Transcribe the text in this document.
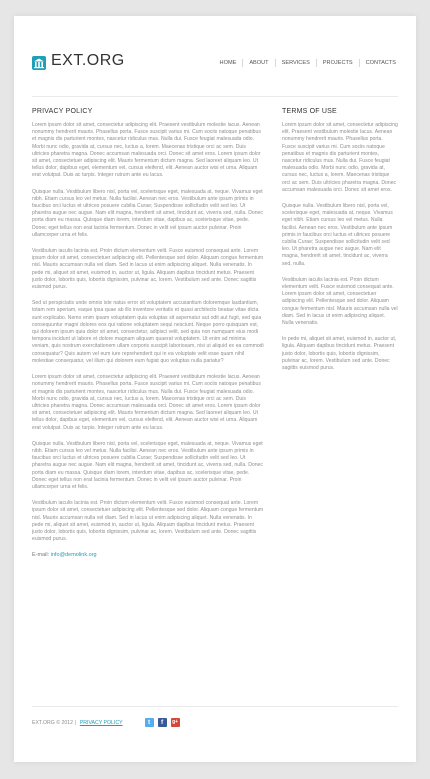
EXT.ORG	HOME	ABOUT	SERVICES	PROJECTS	CONTACTS
PRIVACY POLICY

Lorem ipsum dolor sit amet, consectetur adipiscing elit. Praesent vestibulum molestie lacus. Aenean nonummy hendrerit mauris. Phasellus porta. Fusce suscipit varius mi. Cum sociis natoque penatibus et magnis dis parturient montes, nascetur ridiculus mus. Nulla dui. Fusce feugiat malesuada odio. Morbi nunc odio, gravida at, cursus nec, luctus a, lorem. Maecenas tristique orci ac sem. Duis ultricies pharetra magna. Donec accumsan malesuada orci. Donec sit amet eros. Lorem ipsum dolor sit amet, consectetuer adipiscing elit. Mauris fermentum dictum magna. Sed laoreet aliquam leo. Ut tellus dolor, dapibus eget, elementum vel, cursus eleifend, elit. Aenean auctor wisi et urna. Aliquam erat volutpat. Duis ac turpis. Integer rutrum ante eu lacus.

Quisque nulla. Vestibulum libero nisl, porta vel, scelerisque eget, malesuada at, neque. Vivamus eget nibh. Etiam cursus leo vel metus. Nulla facilisi. Aenean nec eros. Vestibulum ante ipsum primis in faucibus orci luctus et ultrices posuere cubilia Curae; Suspendisse sollicitudin velit sed leo. Ut pharetra augue nec augue. Nam elit magna, hendrerit sit amet, tincidunt ac, viverra sed, nulla. Donec porta diam eu massa. Quisque diam lorem, interdum vitae, dapibus ac, scelerisque vitae, pede. Donec eget tellus non erat lacinia fermentum. Donec in velit vel ipsum auctor pulvinar. Proin ullamcorper urna et felis.

Vestibulum iaculis lacinia est. Proin dictum elementum velit. Fusce euismod consequat ante. Lorem ipsum dolor sit amet, consectetuer adipiscing elit. Pellentesque sed dolor. Aliquam congue fermentum nisl. Mauris accumsan nulla vel diam. Sed in lacus ut enim adipiscing aliquet. Nulla venenatis. In pede mi, aliquet sit amet, euismod in, auctor ut, ligula. Aliquam dapibus tincidunt metus. Praesent justo dolor, lobortis quis, lobortis dignissim, pulvinar ac, lorem. Vestibulum sed ante. Donec sagittis euismod purus.

Sed ut perspiciatis unde omnis iste natus error sit voluptatem accusantium doloremque laudantium, totam rem aperiam, eaque ipsa quae ab illo inventore veritatis et quasi architecto beatae vitae dicta sunt explicabo. Nemo enim ipsam voluptatem quia voluptas sit aspernatur aut odit aut fugit, sed quia consequuntur magni dolores eos qui ratione voluptatem sequi nesciunt. Neque porro quisquam est, qui dolorem ipsum quia dolor sit amet, consectetur, adipisci velit, sed quia non numquam eius modi tempora incidunt ut labore et dolore magnam aliquam quaerat voluptatem. Ut enim ad minima veniam, quis nostrum exercitationem ullam corporis suscipit laboriosam, nisi ut aliquid ex ea commodi consequatur? Quis autem vel eum iure reprehenderit qui in ea voluptate velit esse quam nihil molestiae consequatur, vel illum qui dolorem eum fugiat quo voluptas nulla pariatur?

Lorem ipsum dolor sit amet, consectetur adipiscing elit. Praesent vestibulum molestie lacus. Aenean nonummy hendrerit mauris. Phasellus porta. Fusce suscipit varius mi. Cum sociis natoque penatibus et magnis dis parturient montes, nascetur ridiculus mus. Nulla dui. Fusce feugiat malesuada odio. Morbi nunc odio, gravida at, cursus nec, luctus a, lorem. Maecenas tristique orci ac sem. Duis ultricies pharetra magna. Donec accumsan malesuada orci. Donec sit amet eros. Lorem ipsum dolor sit amet, consectetuer adipiscing elit. Mauris fermentum dictum magna. Sed laoreet aliquam leo. Ut tellus dolor, dapibus eget, elementum vel, cursus eleifend, elit. Aenean auctor wisi et urna. Aliquam erat volutpat. Duis ac turpis. Integer rutrum ante eu lacus.

Quisque nulla. Vestibulum libero nisl, porta vel, scelerisque eget, malesuada at, neque. Vivamus eget nibh. Etiam cursus leo vel metus. Nulla facilisi. Aenean nec eros. Vestibulum ante ipsum primis in faucibus orci luctus et ultrices posuere cubilia Curae; Suspendisse sollicitudin velit sed leo. Ut pharetra augue nec augue. Nam elit magna, hendrerit sit amet, tincidunt ac, viverra sed, nulla. Donec porta diam eu massa. Quisque diam lorem, interdum vitae, dapibus ac, scelerisque vitae, pede. Donec eget tellus non erat lacinia fermentum. Donec in velit vel ipsum auctor pulvinar. Proin ullamcorper urna et felis.

Vestibulum iaculis lacinia est. Proin dictum elementum velit. Fusce euismod consequat ante. Lorem ipsum dolor sit amet, consectetuer adipiscing elit. Pellentesque sed dolor. Aliquam congue fermentum nisl. Mauris accumsan nulla vel diam. Sed in lacus ut enim adipiscing aliquet. Nulla venenatis. In pede mi, aliquet sit amet, euismod in, auctor ut, ligula. Aliquam dapibus tincidunt metus. Praesent justo dolor, lobortis quis, lobortis dignissim, pulvinar ac, lorem. Vestibulum sed ante. Donec sagittis euismod purus.

E-mail: info@demolink.org
TERMS OF USE

Lorem ipsum dolor sit amet, consectetur adipiscing elit. Praesent vestibulum molestie lacus. Aenean nonummy hendrerit mauris. Phasellus porta. Fusce suscipit varius mi. Cum sociis natoque penatibus et magnis dis parturient montes, nascetur ridiculus mus. Nulla dui. Fusce feugiat malesuada odio. Morbi nunc odio, gravida at, cursus nec, luctus a, lorem. Maecenas tristique orci ac sem. Duis ultricies pharetra magna. Donec accumsan malesuada orci. Donec sit amet eros.

Quisque nulla. Vestibulum libero nisl, porta vel, scelerisque eget, malesuada at, neque. Vivamus eget nibh. Etiam cursus leo vel metus. Nulla facilisi. Aenean nec eros. Vestibulum ante ipsum primis in faucibus orci luctus et ultrices posuere cubilia Curae; Suspendisse sollicitudin velit sed leo. Ut pharetra augue nec augue. Nam elit magna, hendrerit sit amet, tincidunt ac, viverra sed, nulla.

Vestibulum iaculis lacinia est. Proin dictum elementum velit. Fusce euismod consequat ante. Lorem ipsum dolor sit amet, consectetuer adipiscing elit. Pellentesque sed dolor. Aliquam congue fermentum nisl. Mauris accumsan nulla vel diam. Sed in lacus ut enim adipiscing aliquet. Nulla venenatis.

In pede mi, aliquet sit amet, euismod in, auctor ut, ligula. Aliquam dapibus tincidunt metus. Praesent justo dolor, lobortis quis, lobortis dignissim, pulvinar ac, lorem. Vestibulum sed ante. Donec sagittis euismod purus.

EXT.ORG © 2012 | PRIVACY POLICY	t	f	g+
